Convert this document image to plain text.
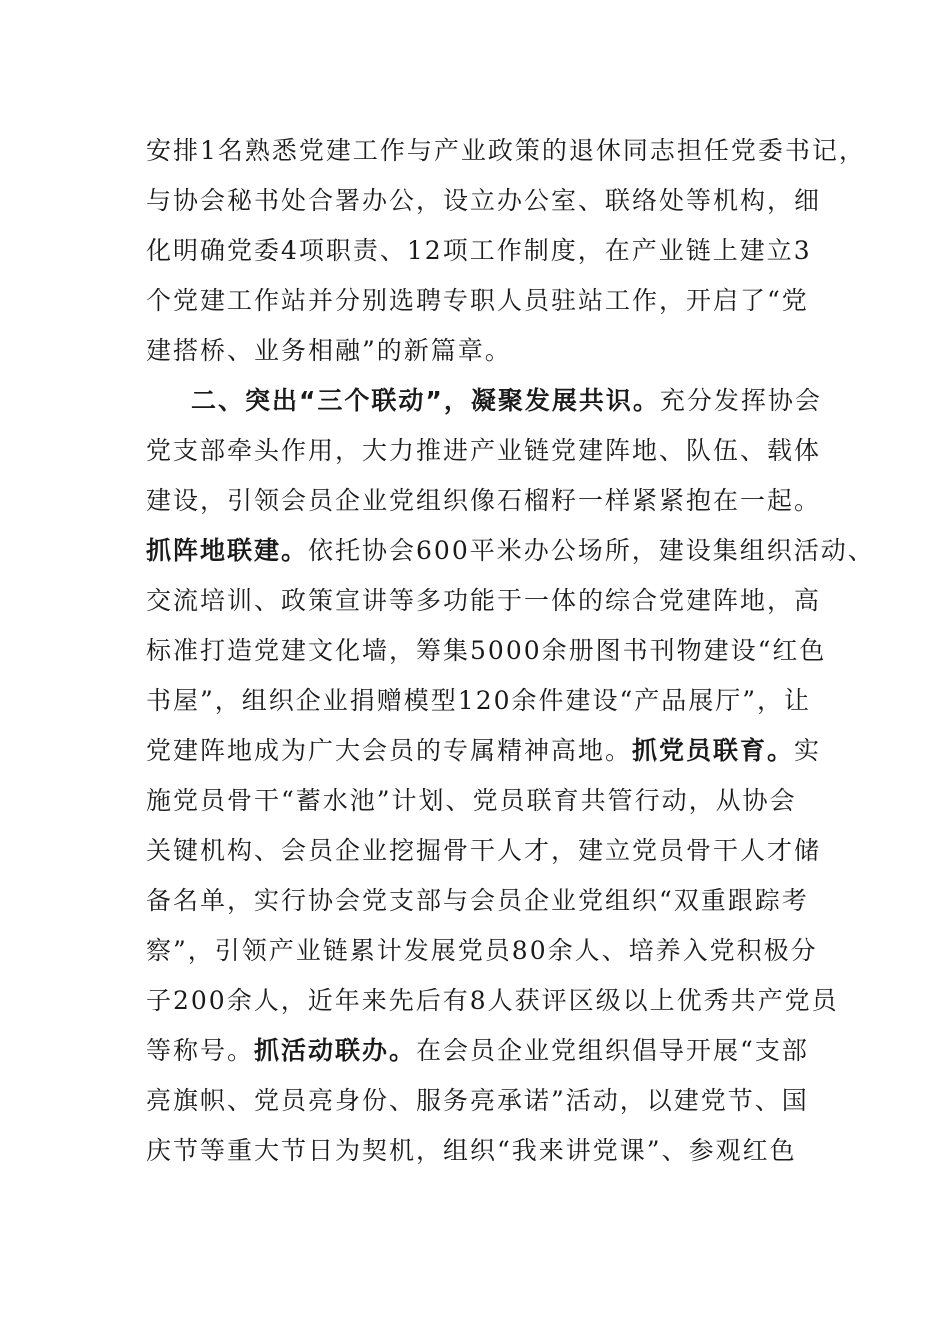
安排1名熟悉党建工作与产业政策的退休同志担任党委书记，
与协会秘书处合署办公，设立办公室、联络处等机构，细
化明确党委4项职责、12项工作制度，在产业链上建立3
个党建工作站并分别选聘专职人员驻站工作，开启了“党
建搭桥、业务相融”的新篇章。
二、突出“三个联动”，凝聚发展共识。充分发挥协会
党支部牵头作用，大力推进产业链党建阵地、队伍、载体
建设，引领会员企业党组织像石榴籽一样紧紧抱在一起。
抓阵地联建。依托协会600平米办公场所，建设集组织活动、
交流培训、政策宣讲等多功能于一体的综合党建阵地，高
标准打造党建文化墙，筹集5000余册图书刊物建设“红色
书屋”，组织企业捐赠模型120余件建设“产品展厅”，让
党建阵地成为广大会员的专属精神高地。抓党员联育。实
施党员骨干“蓄水池”计划、党员联育共管行动，从协会
关键机构、会员企业挖掘骨干人才，建立党员骨干人才储
备名单，实行协会党支部与会员企业党组织“双重跟踪考
察”，引领产业链累计发展党员80余人、培养入党积极分
子200余人，近年来先后有8人获评区级以上优秀共产党员
等称号。抓活动联办。在会员企业党组织倡导开展“支部
亮旗帜、党员亮身份、服务亮承诺”活动，以建党节、国
庆节等重大节日为契机，组织“我来讲党课”、参观红色
